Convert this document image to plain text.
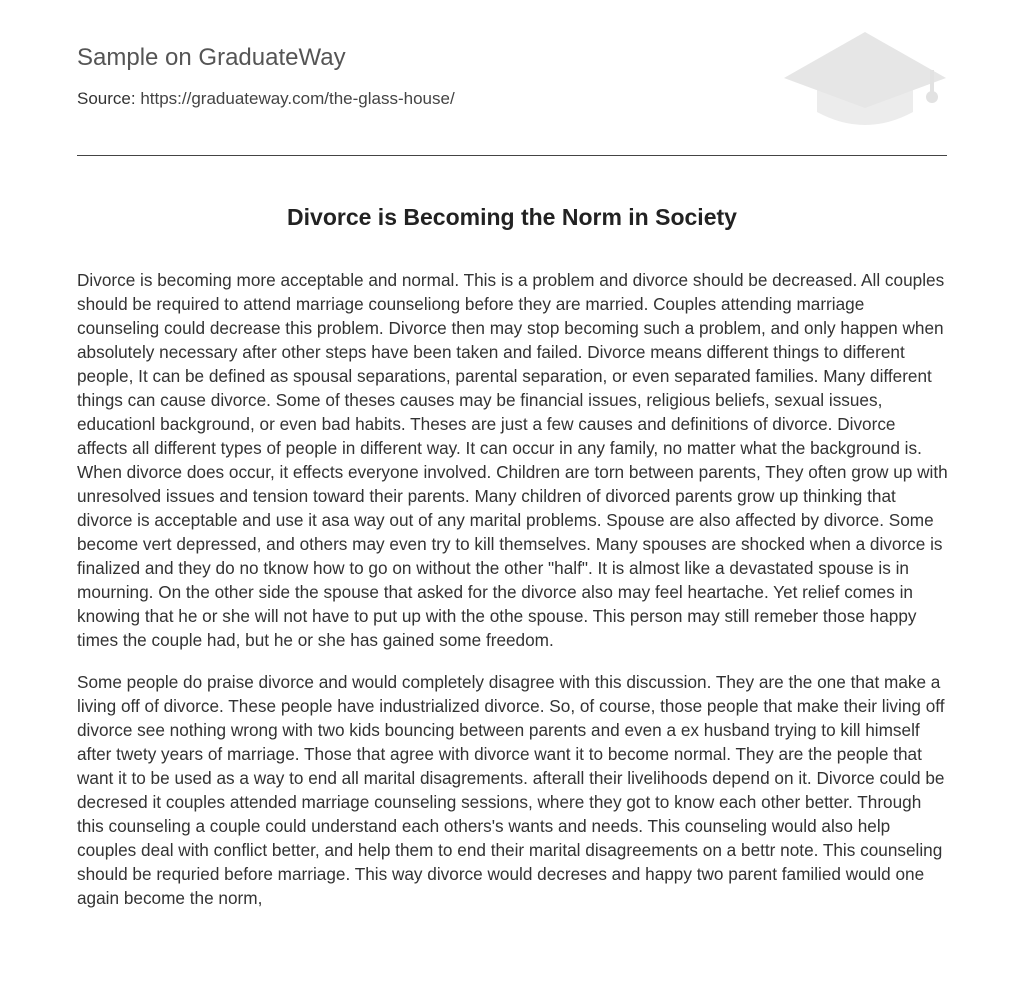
Sample on GraduateWay
Source: https://graduateway.com/the-glass-house/
Divorce is Becoming the Norm in Society

Divorce is becoming more acceptable and normal. This is a problem and divorce should be decreased. All couples should be required to attend marriage counseliong before they are married. Couples attending marriage counseling could decrease this problem. Divorce then may stop becoming such a problem, and only happen when absolutely necessary after other steps have been taken and failed. Divorce means different things to different people, It can be defined as spousal separations, parental separation, or even separated families. Many different things can cause divorce. Some of theses causes may be financial issues, religious beliefs, sexual issues, educationl background, or even bad habits. Theses are just a few causes and definitions of divorce. Divorce affects all different types of people in different way. It can occur in any family, no matter what the background is. When divorce does occur, it effects everyone involved. Children are torn between parents, They often grow up with unresolved issues and tension toward their parents. Many children of divorced parents grow up thinking that divorce is acceptable and use it asa way out of any marital problems. Spouse are also affected by divorce. Some become vert depressed, and others may even try to kill themselves. Many spouses are shocked when a divorce is finalized and they do no tknow how to go on without the other "half". It is almost like a devastated spouse is in mourning. On the other side the spouse that asked for the divorce also may feel heartache. Yet relief comes in knowing that he or she will not have to put up with the othe spouse. This person may still remeber those happy times the couple had, but he or she has gained some freedom.

Some people do praise divorce and would completely disagree with this discussion. They are the one that make a living off of divorce. These people have industrialized divorce. So, of course, those people that make their living off divorce see nothing wrong with two kids bouncing between parents and even a ex husband trying to kill himself after twety years of marriage. Those that agree with divorce want it to become normal. They are the people that want it to be used as a way to end all marital disagrements. afterall their livelihoods depend on it. Divorce could be decresed it couples attended marriage counseling sessions, where they got to know each other better. Through this counseling a couple could understand each others's wants and needs. This counseling would also help couples deal with conflict better, and help them to end their marital disagreements on a bettr note. This counseling should be requried before marriage. This way divorce would decreses and happy two parent familied would one again become the norm,
